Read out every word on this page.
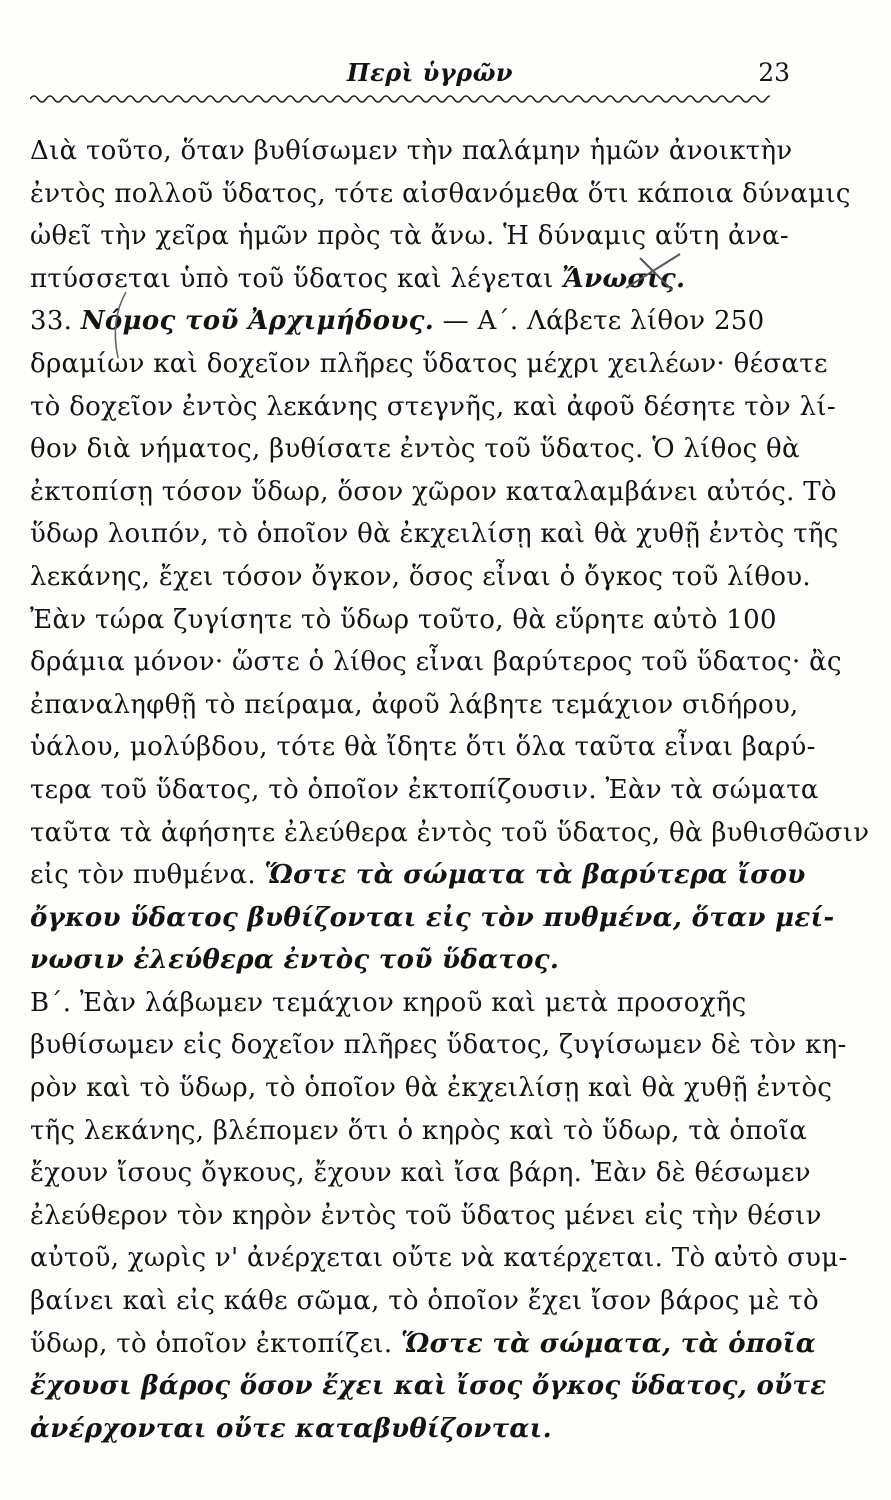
Περὶ ὑγρῶν	23
Διὰ τοῦτο, ὅταν βυθίσωμεν τὴν παλάμην ἡμῶν ἀνοικτὴν
ἐντὸς πολλοῦ ὕδατος, τότε αἰσθανόμεθα ὅτι κάποια δύναμις
ὠθεῖ τὴν χεῖρα ἡμῶν πρὸς τὰ ἄνω. Ἡ δύναμις αὕτη ἀνα-
πτύσσεται ὑπὸ τοῦ ὕδατος καὶ λέγεται Ἄνωσις.
33. Νόμος τοῦ Ἀρχιμήδους. — Α΄. Λάβετε λίθον 250
δραμίων καὶ δοχεῖον πλῆρες ὕδατος μέχρι χειλέων· θέσατε
τὸ δοχεῖον ἐντὸς λεκάνης στεγνῆς, καὶ ἀφοῦ δέσητε τὸν λί-
θον διὰ νήματος, βυθίσατε ἐντὸς τοῦ ὕδατος. Ὁ λίθος θὰ
ἐκτοπίσῃ τόσον ὕδωρ, ὅσον χῶρον καταλαμβάνει αὐτός. Τὸ
ὕδωρ λοιπόν, τὸ ὁποῖον θὰ ἐκχειλίσῃ καὶ θὰ χυθῇ ἐντὸς τῆς
λεκάνης, ἔχει τόσον ὄγκον, ὅσος εἶναι ὁ ὄγκος τοῦ λίθου.
Ἐὰν τώρα ζυγίσητε τὸ ὕδωρ τοῦτο, θὰ εὕρητε αὐτὸ 100
δράμια μόνον· ὥστε ὁ λίθος εἶναι βαρύτερος τοῦ ὕδατος· ἂς
ἐπαναληφθῇ τὸ πείραμα, ἀφοῦ λάβητε τεμάχιον σιδήρου,
ὑάλου, μολύβδου, τότε θὰ ἴδητε ὅτι ὅλα ταῦτα εἶναι βαρύ-
τερα τοῦ ὕδατος, τὸ ὁποῖον ἐκτοπίζουσιν. Ἐὰν τὰ σώματα
ταῦτα τὰ ἀφήσητε ἐλεύθερα ἐντὸς τοῦ ὕδατος, θὰ βυθισθῶσιν
εἰς τὸν πυθμένα. Ὥστε τὰ σώματα τὰ βαρύτερα ἴσου
ὄγκου ὕδατος βυθίζονται εἰς τὸν πυθμένα, ὅταν μεί-
νωσιν ἐλεύθερα ἐντὸς τοῦ ὕδατος.
Β΄. Ἐὰν λάβωμεν τεμάχιον κηροῦ καὶ μετὰ προσοχῆς
βυθίσωμεν εἰς δοχεῖον πλῆρες ὕδατος, ζυγίσωμεν δὲ τὸν κη-
ρὸν καὶ τὸ ὕδωρ, τὸ ὁποῖον θὰ ἐκχειλίσῃ καὶ θὰ χυθῇ ἐντὸς
τῆς λεκάνης, βλέπομεν ὅτι ὁ κηρὸς καὶ τὸ ὕδωρ, τὰ ὁποῖα
ἔχουν ἴσους ὄγκους, ἔχουν καὶ ἴσα βάρη. Ἐὰν δὲ θέσωμεν
ἐλεύθερον τὸν κηρὸν ἐντὸς τοῦ ὕδατος μένει εἰς τὴν θέσιν
αὐτοῦ, χωρὶς ν' ἀνέρχεται οὔτε νὰ κατέρχεται. Τὸ αὐτὸ συμ-
βαίνει καὶ εἰς κάθε σῶμα, τὸ ὁποῖον ἔχει ἴσον βάρος μὲ τὸ
ὕδωρ, τὸ ὁποῖον ἐκτοπίζει. Ὥστε τὰ σώματα, τὰ ὁποῖα
ἔχουσι βάρος ὅσον ἔχει καὶ ἴσος ὄγκος ὕδατος, οὔτε
ἀνέρχονται οὔτε καταβυθίζονται.
